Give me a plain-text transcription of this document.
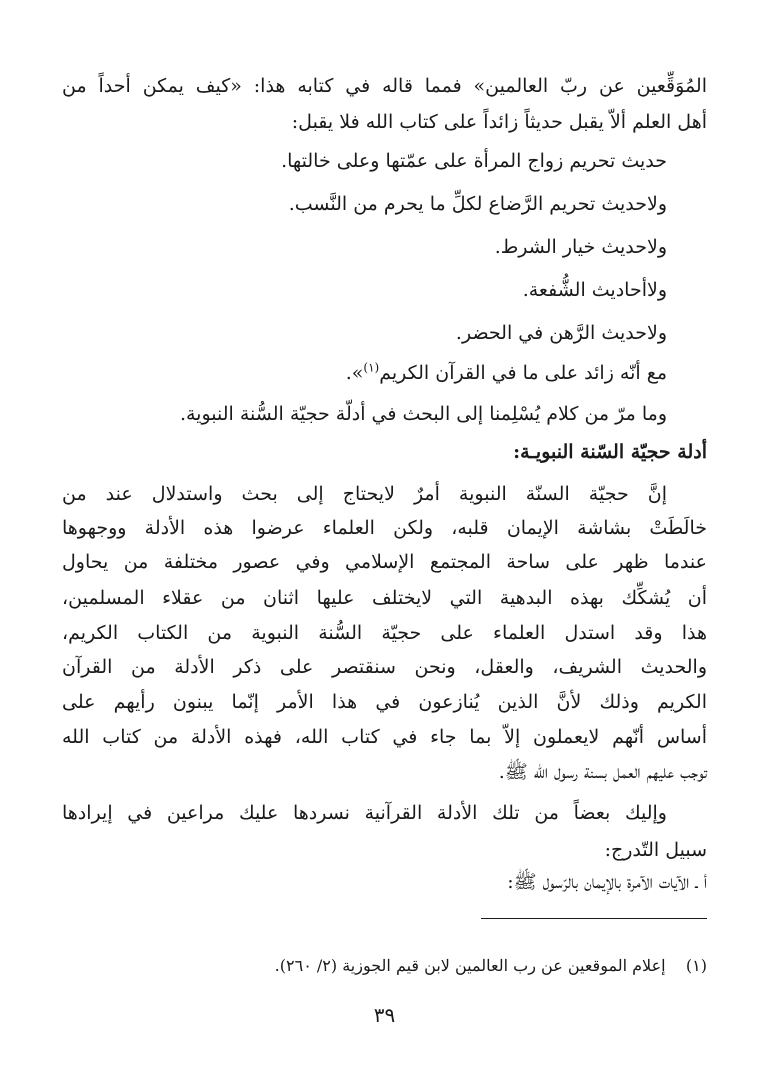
المُوَقِّعين عن ربّ العالمين» فمما قاله في كتابه هذا: «كيف يمكن أحداً من
أهل العلم ألاّ يقبل حديثاً زائداً على كتاب الله فلا يقبل:
حديث تحريم زواج المرأة على عمّتها وعلى خالتها.
ولاحديث تحريم الرَّضاع لكلِّ ما يحرم من النَّسب.
ولاحديث خيار الشرط.
ولاأحاديث الشُّفعة.
ولاحديث الرَّهن في الحضر.
مع أنّه زائد على ما في القرآن الكريم$^{(١)}$».
وما مرّ من كلام يُسْلِمنا إلى البحث في أدلّة حجيّة السُّنة النبوية.
أدلة حجيّة السّنة النبويـة:
إنَّ حجيّة السنّة النبوية أمرٌ لايحتاج إلى بحث واستدلال عند من
خالَطَتْ بشاشة الإيمان قلبه، ولكن العلماء عرضوا هذه الأدلة ووجهوها
عندما ظهر على ساحة المجتمع الإسلامي وفي عصور مختلفة من يحاول
أن يُشكِّك بهذه البدهية التي لايختلف عليها اثنان من عقلاء المسلمين،
هذا وقد استدل العلماء على حجيّة السُّنة النبوية من الكتاب الكريم،
والحديث الشريف، والعقل، ونحن سنقتصر على ذكر الأدلة من القرآن
الكريم وذلك لأنَّ الذين يُنازعون في هذا الأمر إنّما يبنون رأيهم على
أساس أنّهم لايعملون إلاّ بما جاء في كتاب الله، فهذه الأدلة من كتاب الله
توجب عليهم العمل بسنة رسول الله ﷺ.
وإليك بعضاً من تلك الأدلة القرآنية نسردها عليك مراعين في إيرادها
سبيل التّدرج:
أ ـ الآيات الآمرة بالإيمان بالرّسول ﷺ:
(١)    إعلام الموقعين عن رب العالمين لابن قيم الجوزية (٢/ ٢٦٠).
٣٩
